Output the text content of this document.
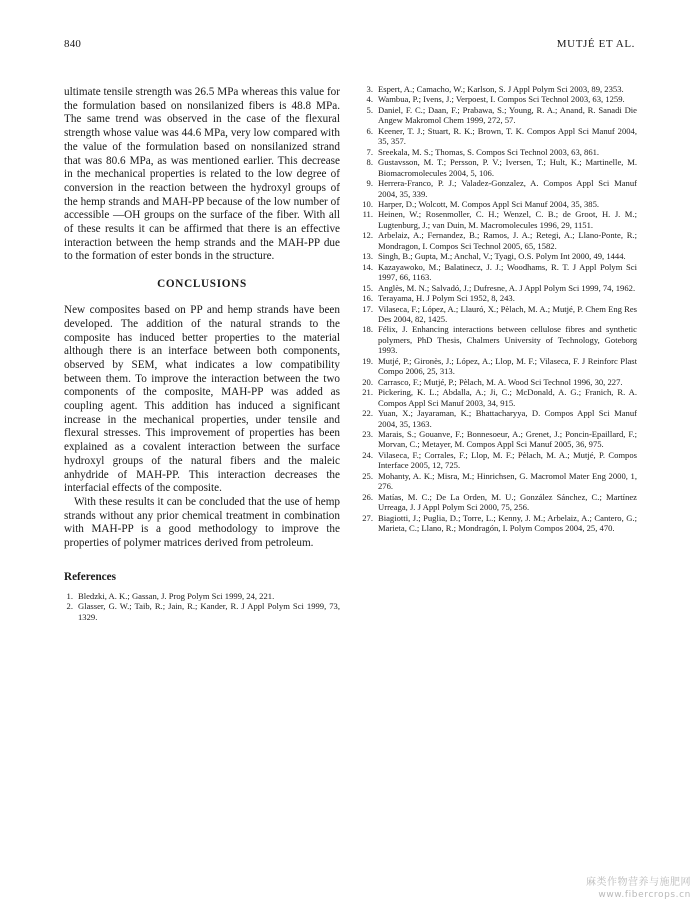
840	MUTJÉ ET AL.

ultimate tensile strength was 26.5 MPa whereas this value for the formulation based on nonsilanized fibers is 48.8 MPa. The same trend was observed in the case of the flexural strength whose value was 44.6 MPa, very low compared with the value of the formulation based on nonsilanized strand that was 80.6 MPa, as was mentioned earlier. This decrease in the mechanical properties is related to the low degree of conversion in the reaction between the hydroxyl groups of the hemp strands and MAH-PP because of the low number of accessible —OH groups on the surface of the fiber. With all of these results it can be affirmed that there is an effective interaction between the hemp strands and the MAH-PP due to the formation of ester bonds in the structure.

CONCLUSIONS

New composites based on PP and hemp strands have been developed. The addition of the natural strands to the composite has induced better properties to the material although there is an interface between both components, observed by SEM, what indicates a low compatibility between them. To improve the interaction between the two components of the composite, MAH-PP was added as coupling agent. This addition has induced a significant increase in the mechanical properties, under tensile and flexural stresses. This improvement of properties has been explained as a covalent interaction between the surface hydroxyl groups of the natural fibers and the maleic anhydride of MAH-PP. This interaction decreases the interfacial effects of the composite.

With these results it can be concluded that the use of hemp strands without any prior chemical treatment in combination with MAH-PP is a good methodology to improve the properties of polymer matrices derived from petroleum.

References
1. Bledzki, A. K.; Gassan, J. Prog Polym Sci 1999, 24, 221.
2. Glasser, G. W.; Taib, R.; Jain, R.; Kander, R. J Appl Polym Sci 1999, 73, 1329.
3. Espert, A.; Camacho, W.; Karlson, S. J Appl Polym Sci 2003, 89, 2353.
4. Wambua, P.; Ivens, J.; Verpoest, I. Compos Sci Technol 2003, 63, 1259.
5. Daniel, F. C.; Daan, F.; Prabawa, S.; Young, R. A.; Anand, R. Sanadi Die Angew Makromol Chem 1999, 272, 57.
6. Keener, T. J.; Stuart, R. K.; Brown, T. K. Compos Appl Sci Manuf 2004, 35, 357.
7. Sreekala, M. S.; Thomas, S. Compos Sci Technol 2003, 63, 861.
8. Gustavsson, M. T.; Persson, P. V.; Iversen, T.; Hult, K.; Martinelle, M. Biomacromolecules 2004, 5, 106.
9. Herrera-Franco, P. J.; Valadez-Gonzalez, A. Compos Appl Sci Manuf 2004, 35, 339.
10. Harper, D.; Wolcott, M. Compos Appl Sci Manuf 2004, 35, 385.
11. Heinen, W.; Rosenmoller, C. H.; Wenzel, C. B.; de Groot, H. J. M.; Lugtenburg, J.; van Duin, M. Macromolecules 1996, 29, 1151.
12. Arbelaiz, A.; Fernandez, B.; Ramos, J. A.; Retegi, A.; Llano-Ponte, R.; Mondragon, I. Compos Sci Technol 2005, 65, 1582.
13. Singh, B.; Gupta, M.; Anchal, V.; Tyagi, O.S. Polym Int 2000, 49, 1444.
14. Kazayawoko, M.; Balatinecz, J. J.; Woodhams, R. T. J Appl Polym Sci 1997, 66, 1163.
15. Anglès, M. N.; Salvadó, J.; Dufresne, A. J Appl Polym Sci 1999, 74, 1962.
16. Terayama, H. J Polym Sci 1952, 8, 243.
17. Vilaseca, F.; López, A.; Llauró, X.; Pèlach, M. A.; Mutjé, P. Chem Eng Res Des 2004, 82, 1425.
18. Félix, J. Enhancing interactions between cellulose fibres and synthetic polymers, PhD Thesis, Chalmers University of Technology, Goteborg 1993.
19. Mutjé, P.; Gironès, J.; López, A.; Llop, M. F.; Vilaseca, F. J Reinforc Plast Compo 2006, 25, 313.
20. Carrasco, F.; Mutjé, P.; Pèlach, M. A. Wood Sci Technol 1996, 30, 227.
21. Pickering, K. L.; Abdalla, A.; Ji, C.; McDonald, A. G.; Franich, R. A. Compos Appl Sci Manuf 2003, 34, 915.
22. Yuan, X.; Jayaraman, K.; Bhattacharyya, D. Compos Appl Sci Manuf 2004, 35, 1363.
23. Marais, S.; Gouanve, F.; Bonnesoeur, A.; Grenet, J.; Poncin-Epaillard, F.; Morvan, C.; Metayer, M. Compos Appl Sci Manuf 2005, 36, 975.
24. Vilaseca, F.; Corrales, F.; Llop, M. F.; Pèlach, M. A.; Mutjé, P. Compos Interface 2005, 12, 725.
25. Mohanty, A. K.; Misra, M.; Hinrichsen, G. Macromol Mater Eng 2000, 1, 276.
26. Matías, M. C.; De La Orden, M. U.; González Sánchez, C.; Martínez Urreaga, J. J Appl Polym Sci 2000, 75, 256.
27. Biagiotti, J.; Puglia, D.; Torre, L.; Kenny, J. M.; Arbelaiz, A.; Cantero, G.; Marieta, C.; Llano, R.; Mondragón, I. Polym Compos 2004, 25, 470.
麻类作物营养与施肥网
www.fibercrops.cn
